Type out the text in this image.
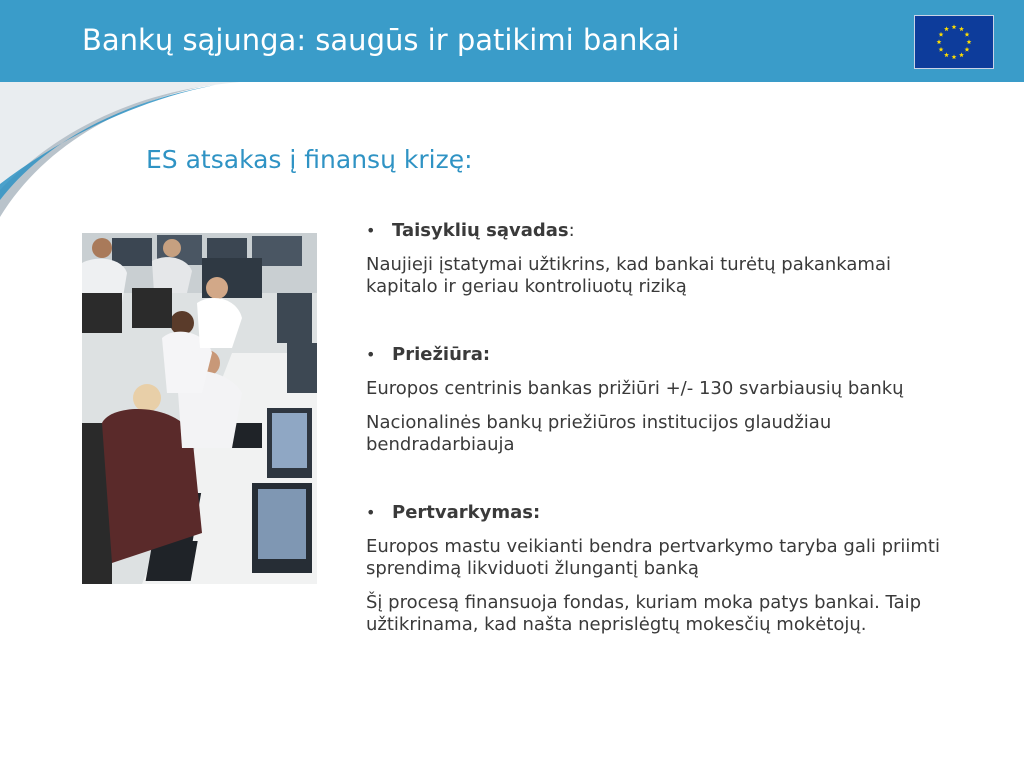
Bankų sąjunga: saugūs ir patikimi bankai
ES atsakas į finansų krizę:
• Taisyklių sąvadas:

Naujieji įstatymai užtikrins, kad bankai turėtų pakankamai kapitalo ir geriau kontroliuotų riziką

• Priežiūra:

Europos centrinis bankas prižiūri +/- 130 svarbiausių bankų

Nacionalinės bankų priežiūros institucijos glaudžiau bendradarbiauja

• Pertvarkymas:

Europos mastu veikianti bendra pertvarkymo taryba gali priimti sprendimą likviduoti žlungantį banką

Šį procesą finansuoja fondas, kuriam moka patys bankai. Taip užtikrinama, kad našta neprislėgtų mokesčių mokėtojų.
